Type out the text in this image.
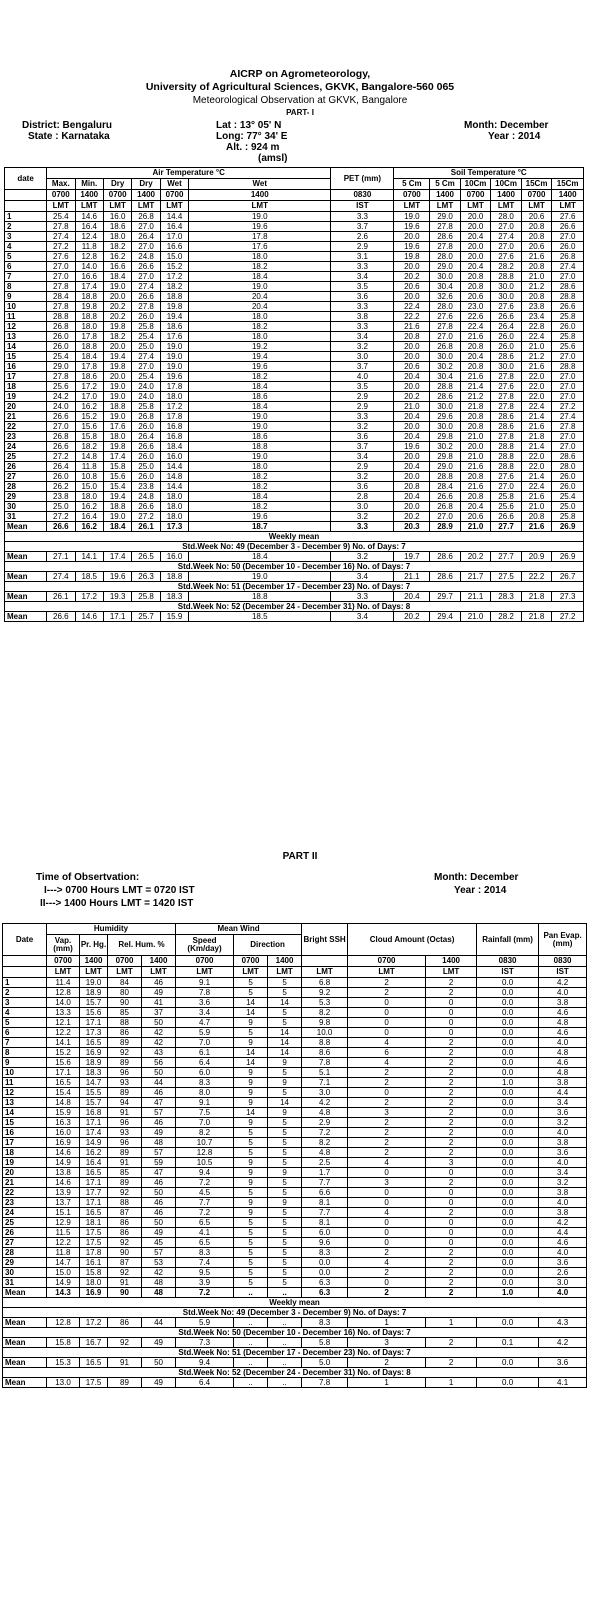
AICRP on Agrometeorology,
University of Agricultural Sciences, GKVK, Bangalore-560 065
Meteorological Observation at GKVK, Bangalore
PART- I
District: Bengaluru
State : Karnataka
Lat : 13° 05' N
Long: 77° 34' E
Alt. : 924 m
(amsl)
Month: December
Year : 2014
date	Air Temperature °C						PET (mm)	Soil Temperature °C					
	Max.	Min.	Dry	Dry	Wet	Wet		5 Cm	5 Cm	10Cm	10Cm	15Cm	15Cm
	0700	1400	0700	1400	0700	1400	0830	0700	1400	0700	1400	0700	1400
	LMT	LMT	LMT	LMT	LMT	LMT	IST	LMT	LMT	LMT	LMT	LMT	LMT
1	25.4	14.6	16.0	26.8	14.4	19.0	3.3	19.0	29.0	20.0	28.0	20.6	27.6
2	27.8	16.4	18.6	27.0	16.4	19.6	3.7	19.6	27.8	20.0	27.0	20.8	26.6
3	27.4	12.4	18.0	26.4	17.0	17.8	2.6	20.0	28.6	20.4	27.4	20.8	27.0
4	27.2	11.8	18.2	27.0	16.6	17.6	2.9	19.6	27.8	20.0	27.0	20.6	26.0
5	27.6	12.8	16.2	24.8	15.0	18.0	3.1	19.8	28.0	20.0	27.6	21.6	26.8
6	27.0	14.0	16.6	26.6	15.2	18.2	3.3	20.0	29.0	20.4	28.2	20.8	27.4
7	27.0	16.6	18.4	27.0	17.2	18.4	3.4	20.2	30.0	20.8	28.8	21.0	27.0
8	27.8	17.4	19.0	27.4	18.2	19.0	3.5	20.6	30.4	20.8	30.0	21.2	28.6
9	28.4	18.8	20.0	26.6	18.8	20.4	3.6	20.0	32.6	20.6	30.0	20.8	28.8
10	27.8	19.8	20.2	27.8	19.8	20.4	3.3	22.4	28.0	23.0	27.6	23.8	26.6
11	28.8	18.8	20.2	26.0	19.4	18.0	3.8	22.2	27.6	22.6	26.6	23.4	25.8
12	26.8	18.0	19.8	25.8	18.6	18.2	3.3	21.6	27.8	22.4	26.4	22.8	26.0
13	26.0	17.8	18.2	25.4	17.6	18.0	3.4	20.8	27.0	21.6	26.0	22.4	25.8
14	26.0	18.8	20.0	25.0	19.0	19.2	3.2	20.0	26.8	20.8	26.0	21.0	25.6
15	25.4	18.4	19.4	27.4	19.0	19.4	3.0	20.0	30.0	20.4	28.6	21.2	27.0
16	29.0	17.8	19.8	27.0	19.0	19.6	3.7	20.6	30.2	20.8	30.0	21.6	28.8
17	27.8	18.6	20.0	25.4	19.6	18.2	4.0	20.4	30.4	21.6	27.8	22.0	27.0
18	25.6	17.2	19.0	24.0	17.8	18.4	3.5	20.0	28.8	21.4	27.6	22.0	27.0
19	24.2	17.0	19.0	24.0	18.0	18.6	2.9	20.2	28.6	21.2	27.8	22.0	27.0
20	24.0	16.2	18.8	25.8	17.2	18.4	2.9	21.0	30.0	21.8	27.8	22.4	27.2
21	26.6	15.2	19.0	26.8	17.8	19.0	3.3	20.4	29.6	20.8	28.6	21.4	27.4
22	27.0	15.6	17.6	26.0	16.8	19.0	3.2	20.0	30.0	20.8	28.6	21.6	27.8
23	26.8	15.8	18.0	26.4	16.8	18.6	3.6	20.4	29.8	21.0	27.8	21.8	27.0
24	26.6	18.2	19.8	26.6	18.4	18.8	3.7	19.6	30.2	20.0	28.8	21.4	27.0
25	27.2	14.8	17.4	26.0	16.0	19.0	3.4	20.0	29.8	21.0	28.8	22.0	28.6
26	26.4	11.8	15.8	25.0	14.4	18.0	2.9	20.4	29.0	21.6	28.8	22.0	28.0
27	26.0	10.8	15.6	26.0	14.8	18.2	3.2	20.0	28.8	20.8	27.6	21.4	26.0
28	26.2	15.0	15.4	23.8	14.4	18.2	3.6	20.8	28.4	21.6	27.0	22.4	26.0
29	23.8	18.0	19.4	24.8	18.0	18.4	2.8	20.4	26.6	20.8	25.8	21.6	25.4
30	25.0	16.2	18.8	26.6	18.0	18.2	3.0	20.0	26.8	20.4	25.6	21.0	25.0
31	27.2	16.4	19.0	27.2	18.0	19.6	3.2	20.2	27.0	20.6	26.6	20.8	25.8
Mean	26.6	16.2	18.4	26.1	17.3	18.7	3.3	20.3	28.9	21.0	27.7	21.6	26.9
Weekly mean													
Std.Week No: 49 (December 3 - December 9) No. of Days: 7													
Mean	27.1	14.1	17.4	26.5	16.0	18.4	3.2	19.7	28.6	20.2	27.7	20.9	26.9
Std.Week No: 50 (December 10 - December 16) No. of Days: 7													
Mean	27.4	18.5	19.6	26.3	18.8	19.0	3.4	21.1	28.6	21.7	27.5	22.2	26.7
Std.Week No: 51 (December 17 - December 23) No. of Days: 7													
Mean	26.1	17.2	19.3	25.8	18.3	18.8	3.3	20.4	29.7	21.1	28.3	21.8	27.3
Std.Week No: 52 (December 24 - December 31) No. of Days: 8													
Mean	26.6	14.6	17.1	25.7	15.9	18.5	3.4	20.2	29.4	21.0	28.2	21.8	27.2
PART II
Time of Obsertvation:
I---> 0700 Hours LMT = 0720 IST
II---> 1400 Hours LMT = 1420 IST
Month: December
Year : 2014
Date	Humidity				Mean Wind			Bright SSH	Cloud Amount (Octas)		Rainfall (mm)	Pan Evap. (mm)
	Vap. (mm)	Pr. Hg.	Rel. Hum. %		Speed (Km/day)	Direction						
	0700	1400	0700	1400	0700	0700	1400		0700	1400	0830	0830
	LMT	LMT	LMT	LMT	LMT	LMT	LMT	LMT	LMT	LMT	IST	IST
1	11.4	19.0	84	46	9.1	5	5	6.8	2	2	0.0	4.2
2	12.8	18.9	80	49	7.8	5	5	9.2	2	2	0.0	4.0
3	14.0	15.7	90	41	3.6	14	14	5.3	0	0	0.0	3.8
4	13.3	15.6	85	37	3.4	14	5	8.2	0	0	0.0	4.6
5	12.1	17.1	88	50	4.7	9	5	9.8	0	0	0.0	4.8
6	12.2	17.3	86	42	5.9	5	14	10.0	0	0	0.0	4.6
7	14.1	16.5	89	42	7.0	9	14	8.8	4	2	0.0	4.0
8	15.2	16.9	92	43	6.1	14	14	8.6	6	2	0.0	4.8
9	15.6	18.9	89	56	6.4	14	9	7.8	4	2	0.0	4.6
10	17.1	18.3	96	50	6.0	9	5	5.1	2	2	0.0	4.8
11	16.5	14.7	93	44	8.3	9	9	7.1	2	2	1.0	3.8
12	15.4	15.5	89	46	8.0	9	5	3.0	0	2	0.0	4.4
13	14.8	15.7	94	47	9.1	9	14	4.2	2	2	0.0	3.4
14	15.9	16.8	91	57	7.5	14	9	4.8	3	2	0.0	3.6
15	16.3	17.1	96	46	7.0	9	5	2.9	2	2	0.0	3.2
16	16.0	17.4	93	49	8.2	5	5	7.2	2	2	0.0	4.0
17	16.9	14.9	96	48	10.7	5	5	8.2	2	2	0.0	3.8
18	14.6	16.2	89	57	12.8	5	5	4.8	2	2	0.0	3.6
19	14.9	16.4	91	59	10.5	9	5	2.5	4	3	0.0	4.0
20	13.8	16.5	85	47	9.4	9	9	1.7	0	0	0.0	3.4
21	14.6	17.1	89	46	7.2	9	5	7.7	3	2	0.0	3.2
22	13.9	17.7	92	50	4.5	5	5	6.6	0	0	0.0	3.8
23	13.7	17.1	88	46	7.7	9	9	8.1	0	0	0.0	4.0
24	15.1	16.5	87	46	7.2	9	5	7.7	4	2	0.0	3.8
25	12.9	18.1	86	50	6.5	5	5	8.1	0	0	0.0	4.2
26	11.5	17.5	86	49	4.1	5	5	6.0	0	0	0.0	4.4
27	12.2	17.5	92	45	6.5	5	5	9.6	0	0	0.0	4.6
28	11.8	17.8	90	57	8.3	5	5	8.3	2	2	0.0	4.0
29	14.7	16.1	87	53	7.4	5	5	0.0	4	2	0.0	3.6
30	15.0	15.8	92	42	9.5	5	5	0.0	2	2	0.0	2.6
31	14.9	18.0	91	48	3.9	5	5	6.3	0	2	0.0	3.0
Mean	14.3	16.9	90	48	7.2	..	..	6.3	2	2	1.0	4.0
Weekly mean												
Std.Week No: 49 (December 3 - December 9) No. of Days: 7												
Mean	12.8	17.2	86	44	5.9	..	..	8.3	1	1	0.0	4.3
Std.Week No: 50 (December 10 - December 16) No. of Days: 7												
Mean	15.8	16.7	92	49	7.3	..	..	5.8	3	2	0.1	4.2
Std.Week No: 51 (December 17 - December 23) No. of Days: 7												
Mean	15.3	16.5	91	50	9.4	..	..	5.0	2	2	0.0	3.6
Std.Week No: 52 (December 24 - December 31) No. of Days: 8												
Mean	13.0	17.5	89	49	6.4	..	..	7.8	1	1	0.0	4.1
